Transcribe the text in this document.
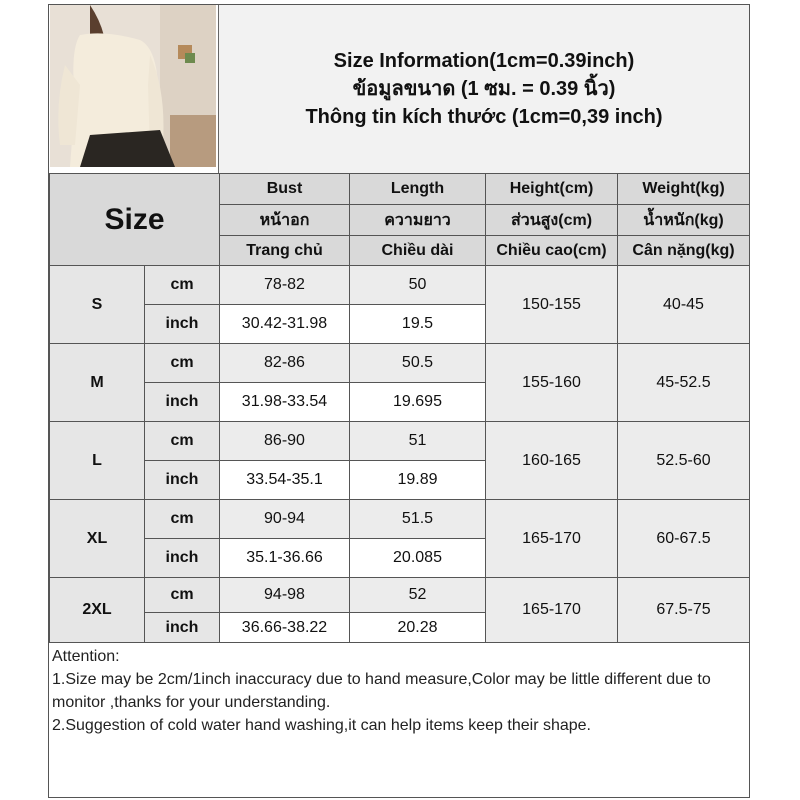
Size Information(1cm=0.39inch)
ข้อมูลขนาด (1 ซม. = 0.39 นิ้ว)
Thông tin kích thước (1cm=0,39 inch)
Size		Bust	Length	Height(cm)	Weight(kg)
		หน้าอก	ความยาว	ส่วนสูง(cm)	น้ำหนัก(kg)
		Trang chủ	Chiều dài	Chiều cao(cm)	Cân nặng(kg)
S	cm	78-82	50	150-155	40-45
	inch	30.42-31.98	19.5		
M	cm	82-86	50.5	155-160	45-52.5
	inch	31.98-33.54	19.695		
L	cm	86-90	51	160-165	52.5-60
	inch	33.54-35.1	19.89		
XL	cm	90-94	51.5	165-170	60-67.5
	inch	35.1-36.66	20.085		
2XL	cm	94-98	52	165-170	67.5-75
	inch	36.66-38.22	20.28		
Attention:
1.Size may be 2cm/1inch inaccuracy due to hand measure,Color may be little different due to monitor ,thanks for your understanding.
2.Suggestion of cold water hand washing,it can help items keep their shape.
